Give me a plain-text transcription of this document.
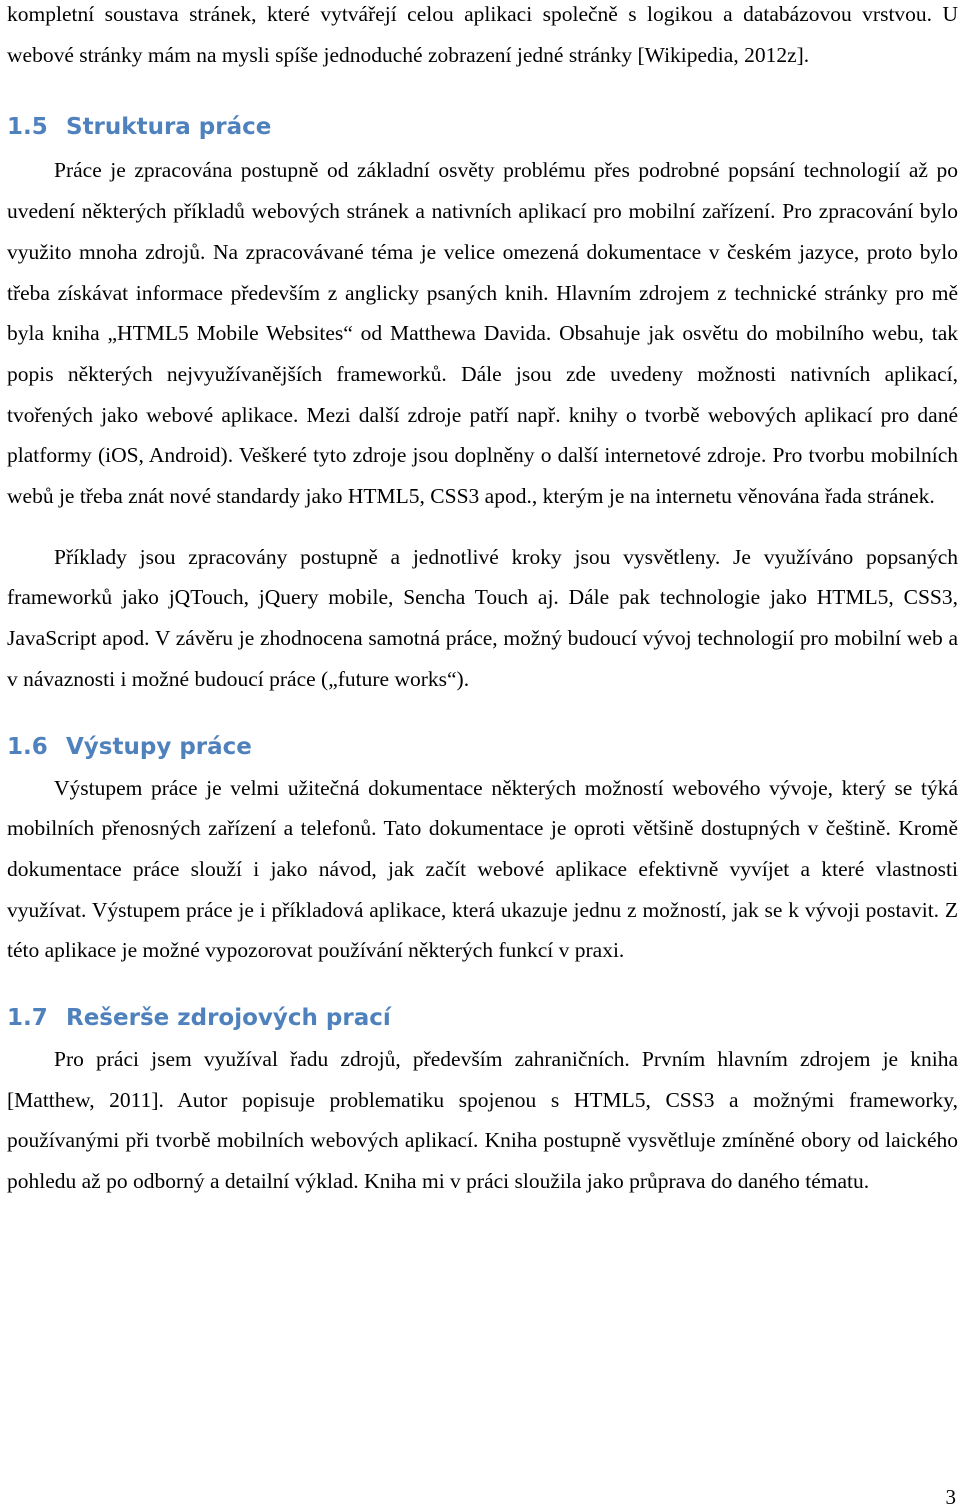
kompletní soustava stránek, které vytvářejí celou aplikaci společně s logikou a databázovou vrstvou. U webové stránky mám na mysli spíše jednoduché zobrazení jedné stránky [Wikipedia, 2012z].

1.5 Struktura práce

Práce je zpracována postupně od základní osvěty problému přes podrobné popsání technologií až po uvedení některých příkladů webových stránek a nativních aplikací pro mobilní zařízení. Pro zpracování bylo využito mnoha zdrojů. Na zpracovávané téma je velice omezená dokumentace v českém jazyce, proto bylo třeba získávat informace především z anglicky psaných knih. Hlavním zdrojem z technické stránky pro mě byla kniha „HTML5 Mobile Websites“ od Matthewa Davida. Obsahuje jak osvětu do mobilního webu, tak popis některých nejvyužívanějších frameworků. Dále jsou zde uvedeny možnosti nativních aplikací, tvořených jako webové aplikace. Mezi další zdroje patří např. knihy o tvorbě webových aplikací pro dané platformy (iOS, Android). Veškeré tyto zdroje jsou doplněny o další internetové zdroje. Pro tvorbu mobilních webů je třeba znát nové standardy jako HTML5, CSS3 apod., kterým je na internetu věnována řada stránek.

Příklady jsou zpracovány postupně a jednotlivé kroky jsou vysvětleny. Je využíváno popsaných frameworků jako jQTouch, jQuery mobile, Sencha Touch aj. Dále pak technologie jako HTML5, CSS3, JavaScript apod. V závěru je zhodnocena samotná práce, možný budoucí vývoj technologií pro mobilní web a v návaznosti i možné budoucí práce („future works“).

1.6 Výstupy práce

Výstupem práce je velmi užitečná dokumentace některých možností webového vývoje, který se týká mobilních přenosných zařízení a telefonů. Tato dokumentace je oproti většině dostupných v češtině. Kromě dokumentace práce slouží i jako návod, jak začít webové aplikace efektivně vyvíjet a které vlastnosti využívat. Výstupem práce je i příkladová aplikace, která ukazuje jednu z možností, jak se k vývoji postavit. Z této aplikace je možné vypozorovat používání některých funkcí v praxi.

1.7 Rešerše zdrojových prací

Pro práci jsem využíval řadu zdrojů, především zahraničních. Prvním hlavním zdrojem je kniha [Matthew, 2011]. Autor popisuje problematiku spojenou s HTML5, CSS3 a možnými frameworky, používanými při tvorbě mobilních webových aplikací. Kniha postupně vysvětluje zmíněné obory od laického pohledu až po odborný a detailní výklad. Kniha mi v práci sloužila jako průprava do daného tématu.

3
